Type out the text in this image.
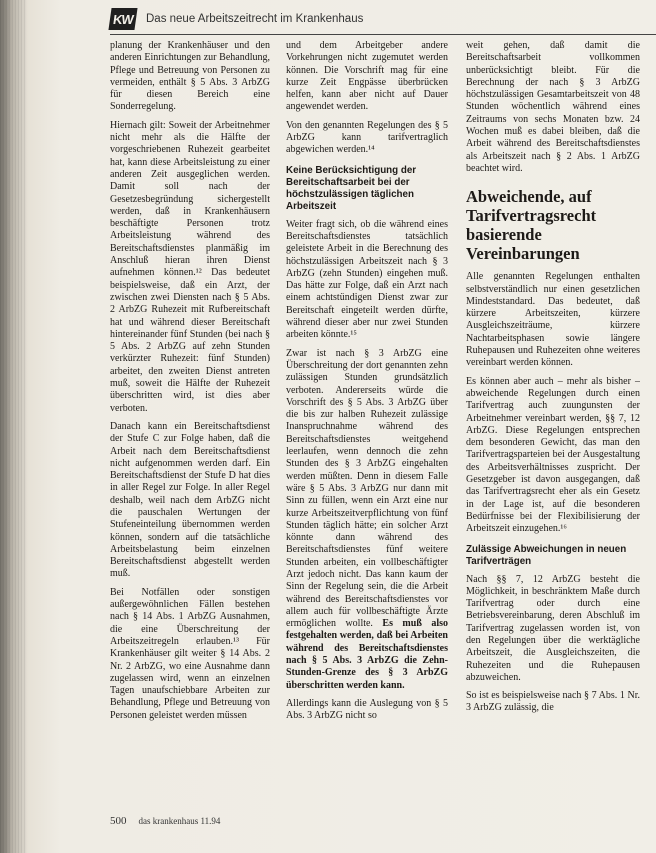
KW	Das neue Arbeitszeitrecht im Krankenhaus

planung der Krankenhäuser und den anderen Einrichtungen zur Behandlung, Pflege und Betreuung von Personen zu vermeiden, enthält § 5 Abs. 3 ArbZG für diesen Bereich eine Sonderregelung.

Hiernach gilt: Soweit der Arbeitnehmer nicht mehr als die Hälfte der vorgeschriebenen Ruhezeit gearbeitet hat, kann diese Arbeitsleistung zu einer anderen Zeit ausgeglichen werden. Damit soll nach der Gesetzesbegründung sichergestellt werden, daß in Krankenhäusern beschäftigte Personen trotz Arbeitsleistung während des Bereitschaftsdienstes planmäßig im Anschluß hieran ihren Dienst aufnehmen können.¹² Das bedeutet beispielsweise, daß ein Arzt, der zwischen zwei Diensten nach § 5 Abs. 2 ArbZG Ruhezeit mit Rufbereitschaft hat und während dieser Bereitschaft hintereinander fünf Stunden (bei nach § 5 Abs. 2 ArbZG auf zehn Stunden verkürzter Ruhezeit: fünf Stunden) arbeitet, den zweiten Dienst antreten muß, soweit die Hälfte der Ruhezeit überschritten wird, ist dies aber verboten.

Danach kann ein Bereitschaftsdienst der Stufe C zur Folge haben, daß die Arbeit nach dem Bereitschaftsdienst nicht aufgenommen werden darf. Ein Bereitschaftsdienst der Stufe D hat dies in aller Regel zur Folge. In aller Regel deshalb, weil nach dem ArbZG nicht die pauschalen Wertungen der Stufeneinteilung übernommen werden können, sondern auf die tatsächliche Arbeitsbelastung beim einzelnen Bereitschaftsdienst abgestellt werden muß.

Bei Notfällen oder sonstigen außergewöhnlichen Fällen bestehen nach § 14 Abs. 1 ArbZG Ausnahmen, die eine Überschreitung der Arbeitszeitregeln erlauben.¹³ Für Krankenhäuser gilt weiter § 14 Abs. 2 Nr. 2 ArbZG, wo eine Ausnahme dann zugelassen wird, wenn an einzelnen Tagen unaufschiebbare Arbeiten zur Behandlung, Pflege und Betreuung von Personen geleistet werden müssen

und dem Arbeitgeber andere Vorkehrungen nicht zugemutet werden können. Die Vorschrift mag für eine kurze Zeit Engpässe überbrücken helfen, kann aber nicht auf Dauer angewendet werden.

Von den genannten Regelungen des § 5 ArbZG kann tarifvertraglich abgewichen werden.¹⁴

Keine Berücksichtigung der Bereitschaftsarbeit bei der höchstzulässigen täglichen Arbeitszeit

Weiter fragt sich, ob die während eines Bereitschaftsdienstes tatsächlich geleistete Arbeit in die Berechnung des höchstzulässigen Arbeitszeit nach § 3 ArbZG (zehn Stunden) eingehen muß. Das hätte zur Folge, daß ein Arzt nach einem achtstündigen Dienst zwar zur Bereitschaft eingeteilt werden dürfte, während dieser aber nur zwei Stunden arbeiten könnte.¹⁵

Zwar ist nach § 3 ArbZG eine Überschreitung der dort genannten zehn zulässigen Stunden grundsätzlich verboten. Andererseits würde die Vorschrift des § 5 Abs. 3 ArbZG über die bis zur halben Ruhezeit zulässige Inanspruchnahme während des Bereitschaftsdienstes weitgehend leerlaufen, wenn dennoch die zehn Stunden des § 3 ArbZG eingehalten werden müßten. Denn in diesem Falle wäre § 5 Abs. 3 ArbZG nur dann mit Sinn zu füllen, wenn ein Arzt eine nur kurze Arbeitszeitverpflichtung von fünf Stunden täglich hätte; ein solcher Arzt könnte dann während des Bereitschaftsdienstes fünf weitere Stunden arbeiten, ein vollbeschäftigter Arzt jedoch nicht. Das kann kaum der Sinn der Regelung sein, die die Arbeit während des Bereitschaftsdienstes vor allem auch für vollbeschäftigte Ärzte ermöglichen wollte. Es muß also festgehalten werden, daß bei Arbeiten während des Bereitschaftsdienstes nach § 5 Abs. 3 ArbZG die Zehn-Stunden-Grenze des § 3 ArbZG überschritten werden kann.

Allerdings kann die Auslegung von § 5 Abs. 3 ArbZG nicht so

weit gehen, daß damit die Bereitschaftsarbeit vollkommen unberücksichtigt bleibt. Für die Berechnung der nach § 3 ArbZG höchstzulässigen Gesamtarbeitszeit von 48 Stunden wöchentlich während eines Zeitraums von sechs Monaten bzw. 24 Wochen muß es dabei bleiben, daß die Arbeit während des Bereitschaftsdienstes als Arbeitszeit nach § 2 Abs. 1 ArbZG beachtet wird.

Abweichende, auf Tarifvertragsrecht basierende Vereinbarungen

Alle genannten Regelungen enthalten selbstverständlich nur einen gesetzlichen Mindeststandard. Das bedeutet, daß kürzere Arbeitszeiten, kürzere Ausgleichszeiträume, kürzere Nachtarbeitsphasen sowie längere Ruhepausen und Ruhezeiten ohne weiteres vereinbart werden können.

Es können aber auch – mehr als bisher – abweichende Regelungen durch einen Tarifvertrag auch zuungunsten der Arbeitnehmer vereinbart werden, §§ 7, 12 ArbZG. Diese Regelungen entsprechen dem besonderen Gewicht, das man den Tarifvertragsparteien bei der Ausgestaltung des Arbeitsverhältnisses zuspricht. Der Gesetzgeber ist davon ausgegangen, daß das Tarifvertragsrecht eher als ein Gesetz in der Lage ist, auf die besonderen Bedürfnisse bei der Flexibilisierung der Arbeitszeit einzugehen.¹⁶

Zulässige Abweichungen in neuen Tarifverträgen

Nach §§ 7, 12 ArbZG besteht die Möglichkeit, in beschränktem Maße durch Tarifvertrag oder durch eine Betriebsvereinbarung, deren Abschluß im Tarifvertrag zugelassen worden ist, von den Regelungen über die werktägliche Arbeitszeit, die Ausgleichszeiten, die Ruhezeiten und die Ruhepausen abzuweichen.

So ist es beispielsweise nach § 7 Abs. 1 Nr. 3 ArbZG zulässig, die

500 das krankenhaus 11.94
